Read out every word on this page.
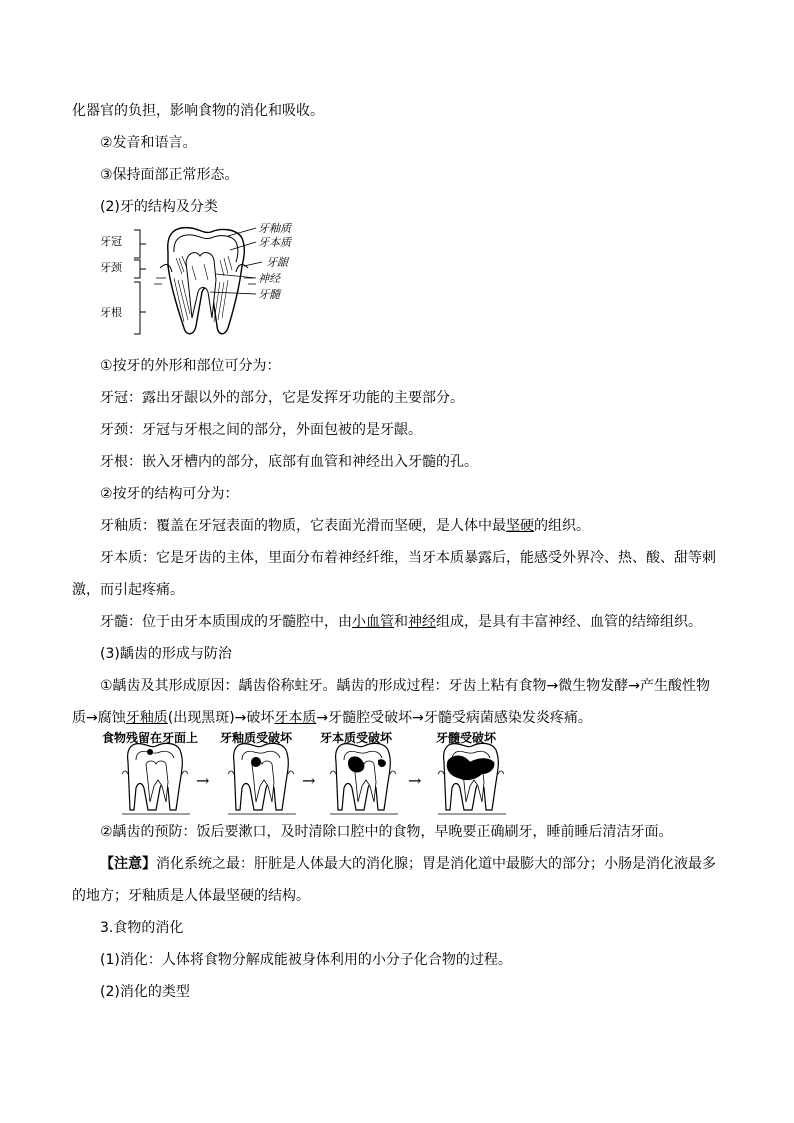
化器官的负担，影响食物的消化和吸收。
②发音和语言。
③保持面部正常形态。
(2)牙的结构及分类
牙冠
牙颈
牙根
牙釉质
牙本质
牙龈
神经
牙髓
①按牙的外形和部位可分为：
牙冠：露出牙龈以外的部分，它是发挥牙功能的主要部分。
牙颈：牙冠与牙根之间的部分，外面包被的是牙龈。
牙根：嵌入牙槽内的部分，底部有血管和神经出入牙髓的孔。
②按牙的结构可分为：
牙釉质：覆盖在牙冠表面的物质，它表面光滑而坚硬，是人体中最坚硬的组织。
牙本质：它是牙齿的主体，里面分布着神经纤维，当牙本质暴露后，能感受外界冷、热、酸、甜等刺
激，而引起疼痛。
牙髓：位于由牙本质围成的牙髓腔中，由小血管和神经组成，是具有丰富神经、血管的结缔组织。
(3)龋齿的形成与防治
①龋齿及其形成原因：龋齿俗称蛀牙。龋齿的形成过程：牙齿上粘有食物→微生物发酵→产生酸性物
质→腐蚀牙釉质(出现黑斑)→破坏牙本质→牙髓腔受破坏→牙髓受病菌感染发炎疼痛。
食物残留在牙面上 牙釉质受破坏 牙本质受破坏	牙髓受破坏
→	→	→
②龋齿的预防：饭后要漱口，及时清除口腔中的食物，早晚要正确刷牙，睡前睡后清洁牙面。
【注意】消化系统之最：肝脏是人体最大的消化腺；胃是消化道中最膨大的部分；小肠是消化液最多
的地方；牙釉质是人体最坚硬的结构。
3.食物的消化
(1)消化：人体将食物分解成能被身体利用的小分子化合物的过程。
(2)消化的类型
